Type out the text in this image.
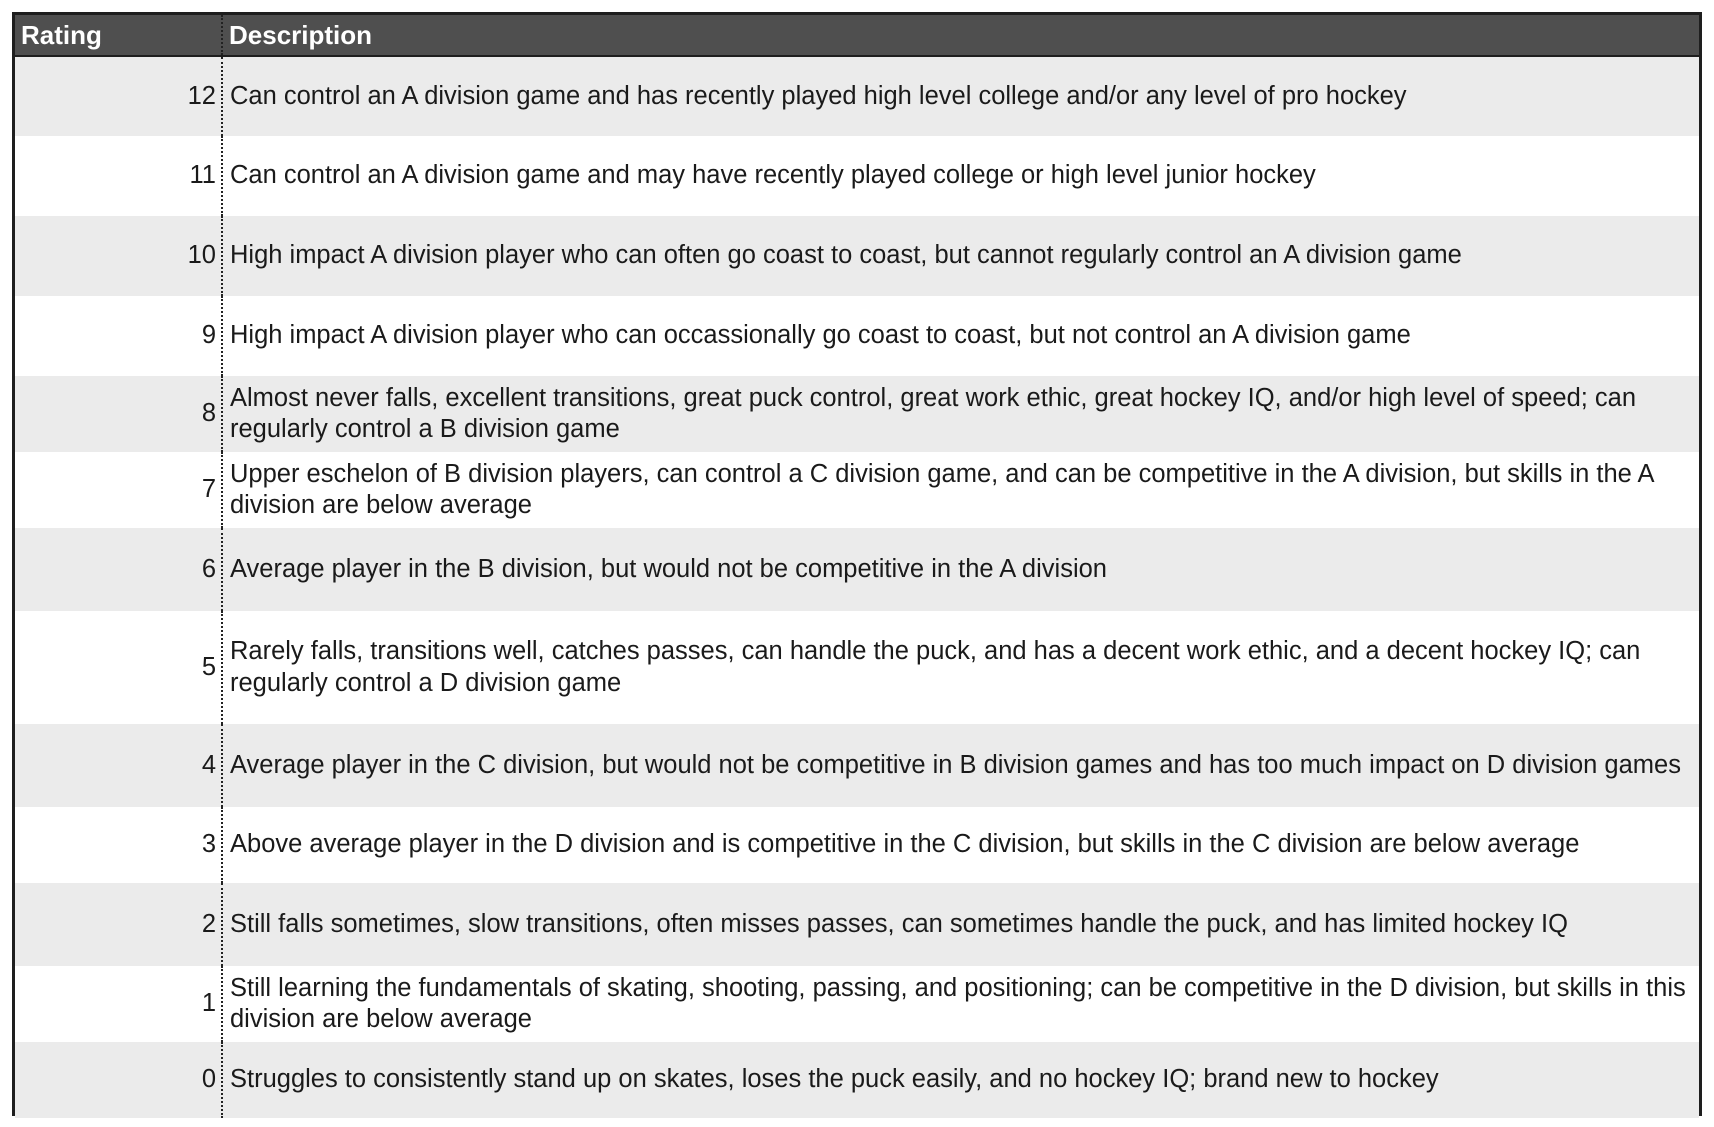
Rating	Description
12	Can control an A division game and has recently played high level college and/or any level of pro hockey
11	Can control an A division game and may have recently played college or high level junior hockey
10	High impact A division player who can often go coast to coast, but cannot regularly control an A division game
9	High impact A division player who can occassionally go coast to coast, but not control an A division game
8	Almost never falls, excellent transitions, great puck control, great work ethic, great hockey IQ, and/or high level of speed; can regularly control a B division game
7	Upper eschelon of B division players, can control a C division game, and can be competitive in the A division, but skills in the A division are below average
6	Average player in the B division, but would not be competitive in the A division
5	Rarely falls, transitions well, catches passes, can handle the puck, and has a decent work ethic, and a decent hockey IQ; can regularly control a D division game
4	Average player in the C division, but would not be competitive in B division games and has too much impact on D division games
3	Above average player in the D division and is competitive in the C division, but skills in the C division are below average
2	Still falls sometimes, slow transitions, often misses passes, can sometimes handle the puck, and has limited hockey IQ
1	Still learning the fundamentals of skating, shooting, passing, and positioning; can be competitive in the D division, but skills in this division are below average
0	Struggles to consistently stand up on skates, loses the puck easily, and no hockey IQ; brand new to hockey
